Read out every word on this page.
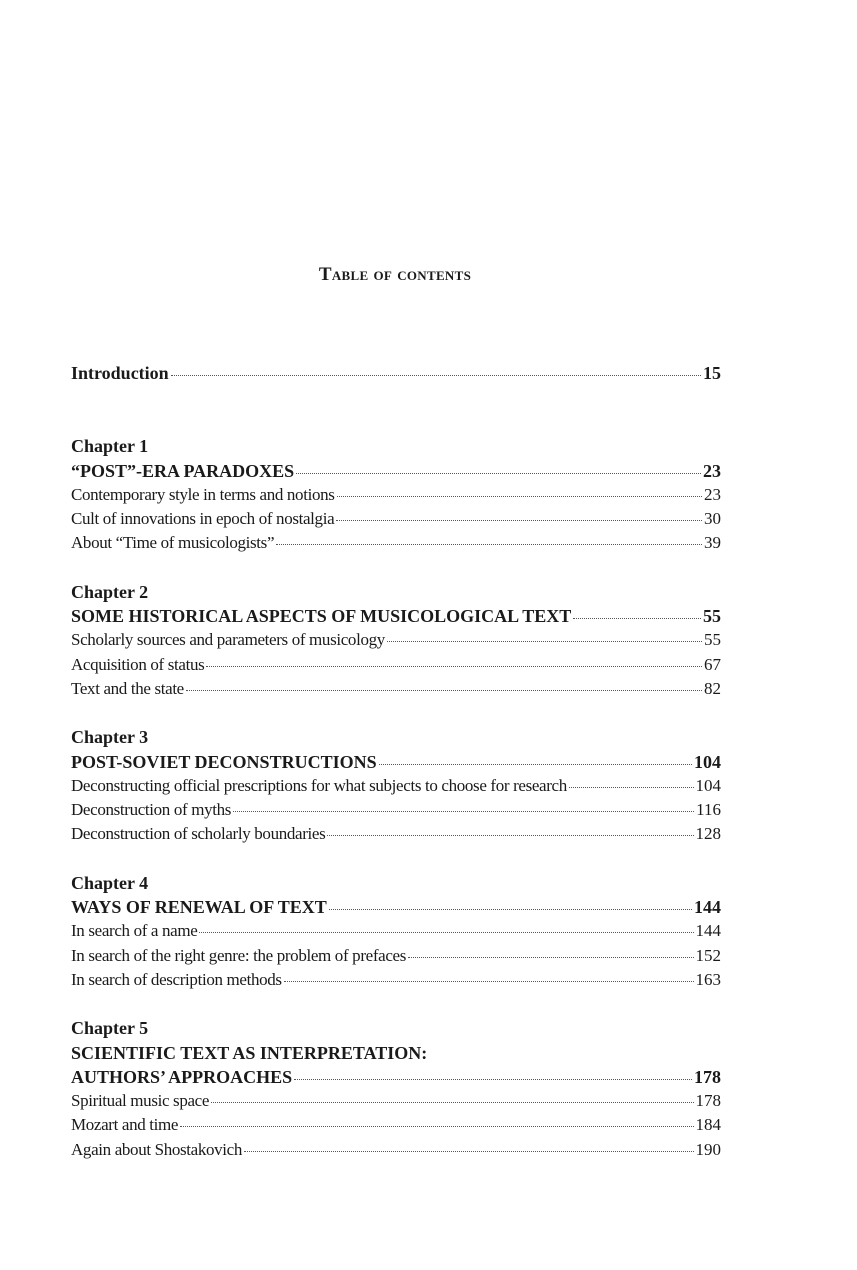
Table of contents
Introduction	15
Chapter 1
“POST”-ERA PARADOXES	23
Contemporary style in terms and notions	23
Cult of innovations in epoch of nostalgia	30
About “Time of musicologists”	39
Chapter 2
SOME HISTORICAL ASPECTS OF MUSICOLOGICAL TEXT	55
Scholarly sources and parameters of musicology	55
Acquisition of status	67
Text and the state	82
Chapter 3
POST-SOVIET DECONSTRUCTIONS	104
Deconstructing official prescriptions for what subjects to choose for research	104
Deconstruction of myths	116
Deconstruction of scholarly boundaries	128
Chapter 4
WAYS OF RENEWAL OF TEXT	144
In search of a name	144
In search of the right genre: the problem of prefaces	152
In search of description methods	163
Chapter 5
SCIENTIFIC TEXT AS INTERPRETATION:
AUTHORS’ APPROACHES	178
Spiritual music space	178
Mozart and time	184
Again about Shostakovich	190
